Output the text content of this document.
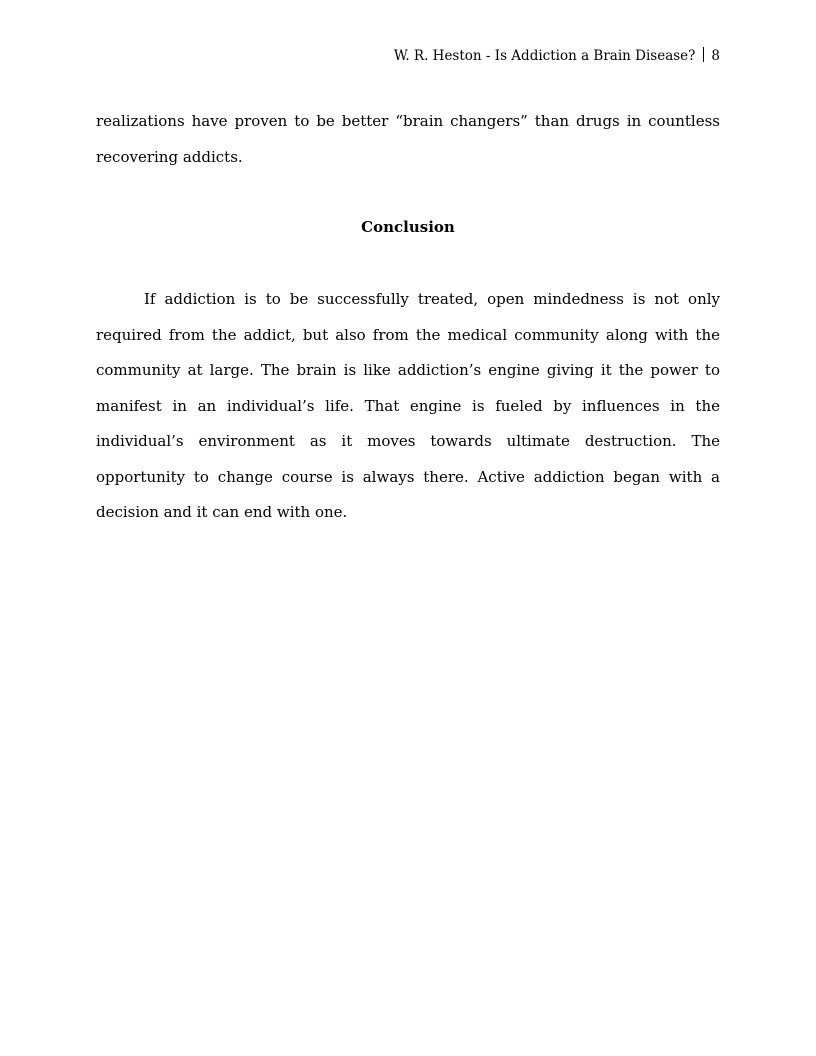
W. R. Heston - Is Addiction a Brain Disease? 8

realizations have proven to be better “brain changers” than drugs in countless recovering addicts.

Conclusion

If addiction is to be successfully treated, open mindedness is not only required from the addict, but also from the medical community along with the community at large. The brain is like addiction’s engine giving it the power to manifest in an individual’s life. That engine is fueled by influences in the individual’s environment as it moves towards ultimate destruction. The opportunity to change course is always there. Active addiction began with a decision and it can end with one.
